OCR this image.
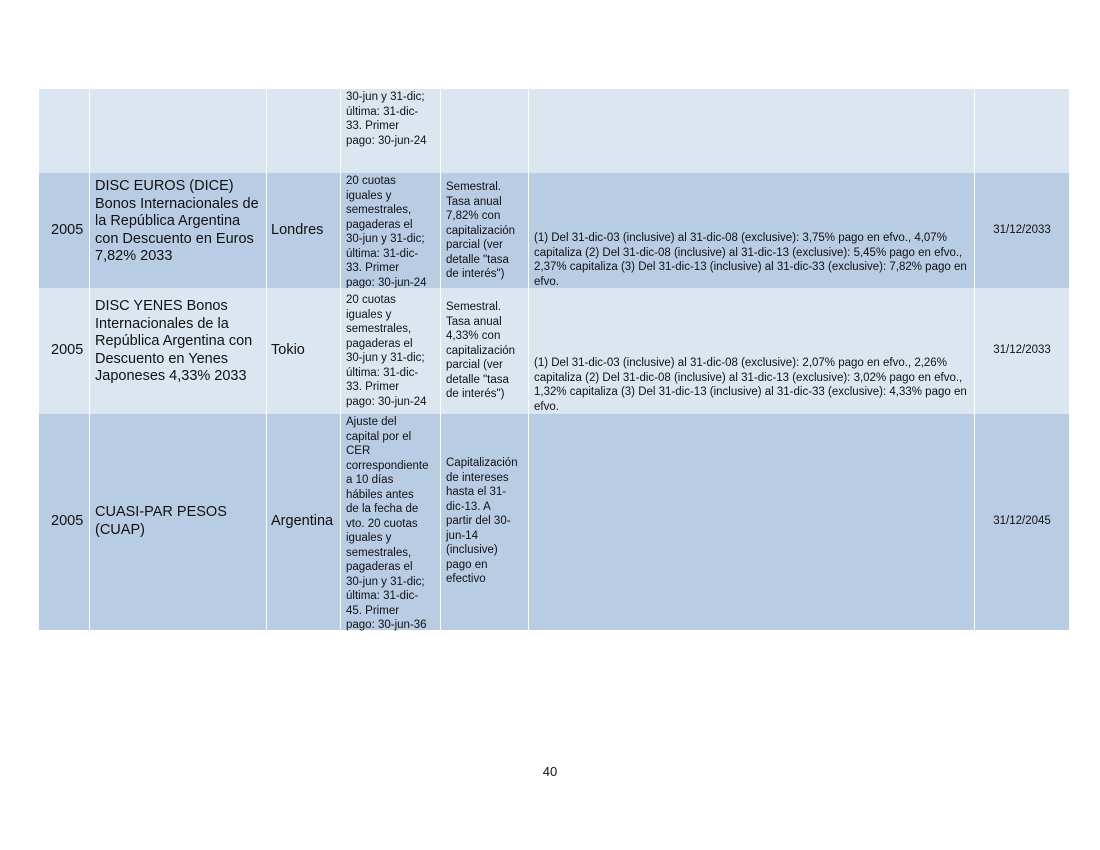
30-jun y 31-dic;
última: 31-dic-
33. Primer
pago: 30-jun-24
2005
DISC EUROS (DICE) Bonos Internacionales de la República Argentina con Descuento en Euros 7,82% 2033
Londres
20 cuotas
iguales y
semestrales,
pagaderas el
30-jun y 31-dic;
última: 31-dic-
33. Primer
pago: 30-jun-24
Semestral.
Tasa anual
7,82% con
capitalización
parcial (ver
detalle "tasa
de interés")
(1) Del 31-dic-03 (inclusive) al 31-dic-08 (exclusive): 3,75% pago en efvo., 4,07% capitaliza (2) Del 31-dic-08 (inclusive) al 31-dic-13 (exclusive): 5,45% pago en efvo., 2,37% capitaliza (3) Del 31-dic-13 (inclusive) al 31-dic-33 (exclusive): 7,82% pago en efvo.
31/12/2033
2005
DISC YENES Bonos Internacionales de la República Argentina con Descuento en Yenes Japoneses 4,33% 2033
Tokio
20 cuotas
iguales y
semestrales,
pagaderas el
30-jun y 31-dic;
última: 31-dic-
33. Primer
pago: 30-jun-24
Semestral.
Tasa anual
4,33% con
capitalización
parcial (ver
detalle "tasa
de interés")
(1) Del 31-dic-03 (inclusive) al 31-dic-08 (exclusive): 2,07% pago en efvo., 2,26% capitaliza (2) Del 31-dic-08 (inclusive) al 31-dic-13 (exclusive): 3,02% pago en efvo., 1,32% capitaliza (3) Del 31-dic-13 (inclusive) al 31-dic-33 (exclusive): 4,33% pago en efvo.
31/12/2033
2005
CUASI-PAR PESOS (CUAP)
Argentina
Ajuste del
capital por el
CER
correspondiente
a 10 días
hábiles antes
de la fecha de
vto. 20 cuotas
iguales y
semestrales,
pagaderas el
30-jun y 31-dic;
última: 31-dic-
45. Primer
pago: 30-jun-36
Capitalización
de intereses
hasta el 31-
dic-13. A
partir del 30-
jun-14
(inclusive)
pago en
efectivo
31/12/2045
40
